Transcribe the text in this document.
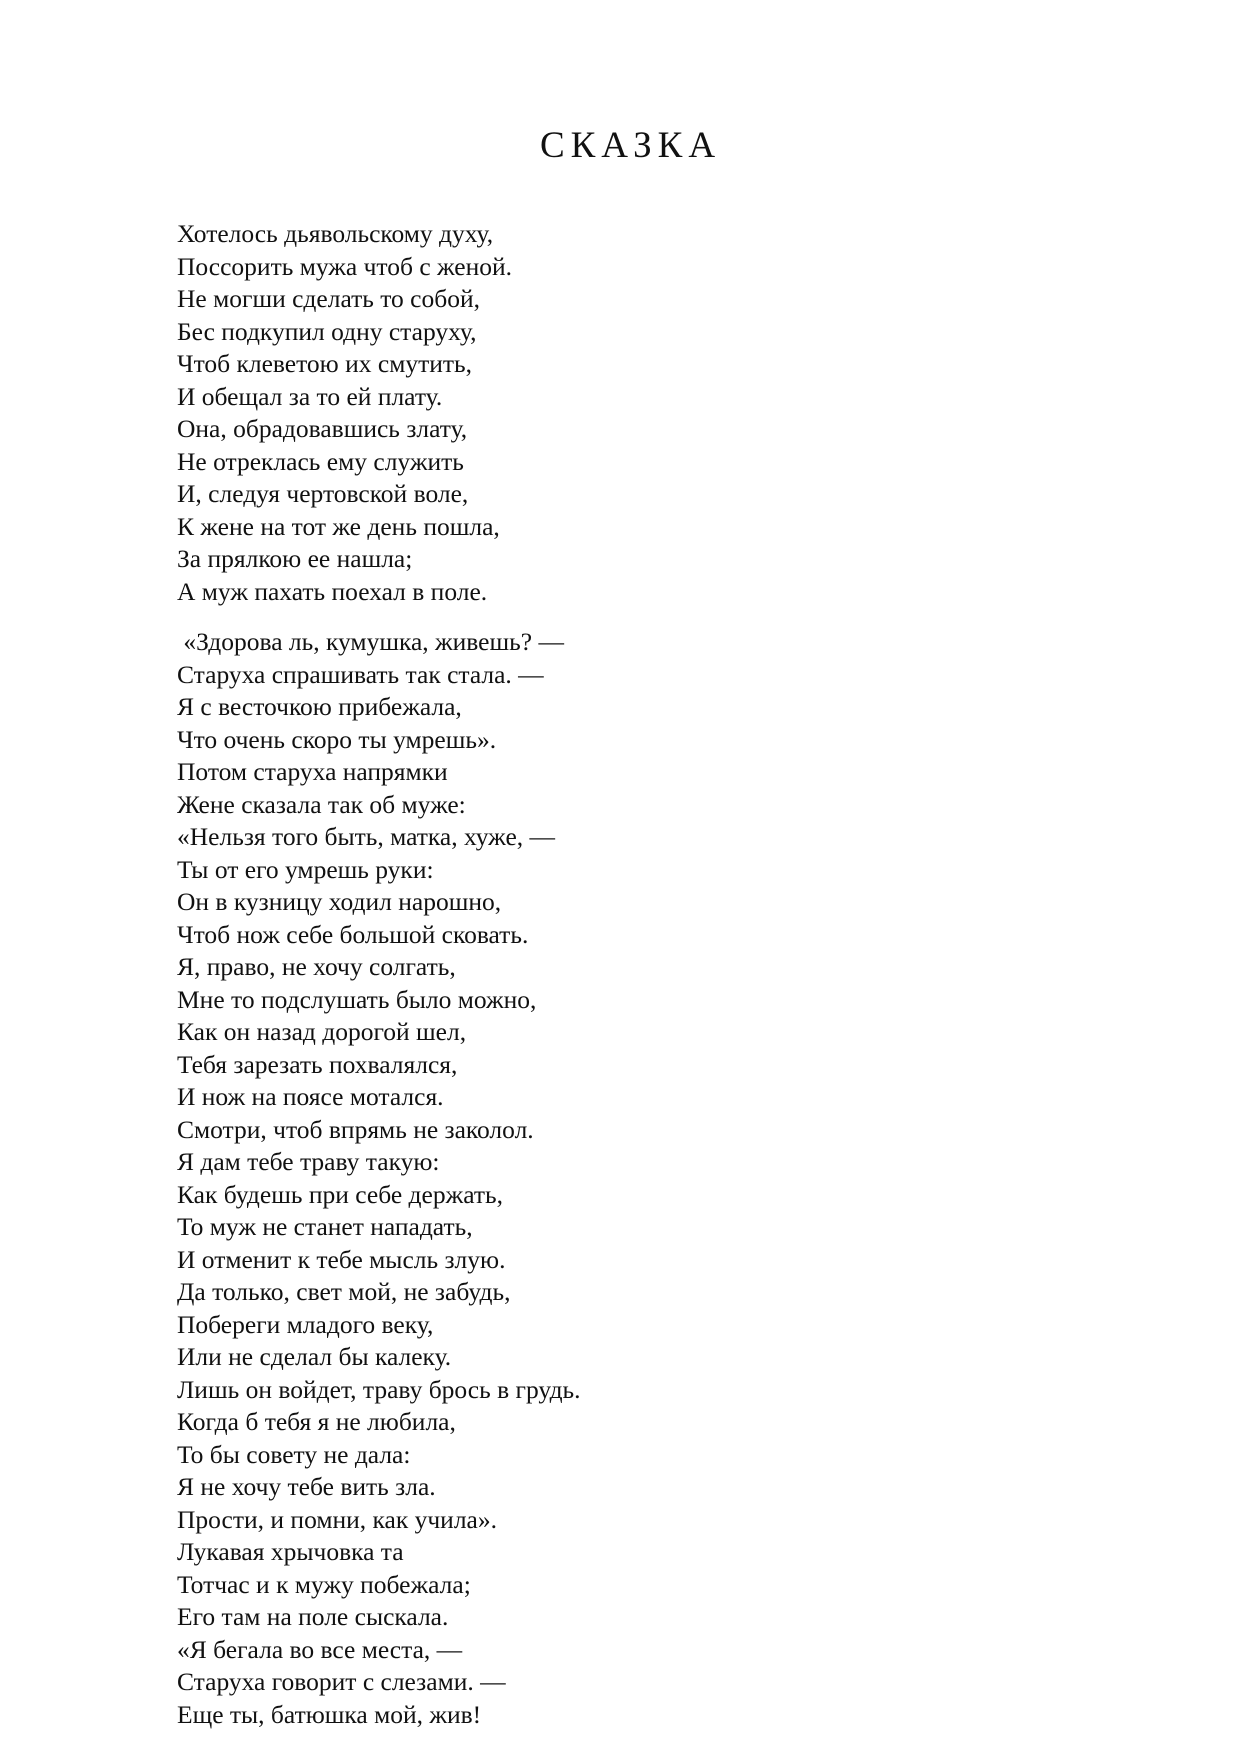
СКАЗКА
Хотелось дьявольскому духу,
Поссорить мужа чтоб с женой.
Не могши сделать то собой,
Бес подкупил одну старуху,
Чтоб клеветою их смутить,
И обещал за то ей плату.
Она, обрадовавшись злату,
Не отреклась ему служить
И, следуя чертовской воле,
К жене на тот же день пошла,
За прялкою ее нашла;
А муж пахать поехал в поле.
«Здорова ль, кумушка, живешь? —
Старуха спрашивать так стала. —
Я с весточкою прибежала,
Что очень скоро ты умрешь».
Потом старуха напрямки
Жене сказала так об муже:
«Нельзя того быть, матка, хуже, —
Ты от его умрешь руки:
Он в кузницу ходил нарошно,
Чтоб нож себе большой сковать.
Я, право, не хочу солгать,
Мне то подслушать было можно,
Как он назад дорогой шел,
Тебя зарезать похвалялся,
И нож на поясе мотался.
Смотри, чтоб впрямь не заколол.
Я дам тебе траву такую:
Как будешь при себе держать,
То муж не станет нападать,
И отменит к тебе мысль злую.
Да только, свет мой, не забудь,
Побереги младого веку,
Или не сделал бы калеку.
Лишь он войдет, траву брось в грудь.
Когда б тебя я не любила,
То бы совету не дала:
Я не хочу тебе вить зла.
Прости, и помни, как учила».
Лукавая хрычовка та
Тотчас и к мужу побежала;
Его там на поле сыскала.
«Я бегала во все места, —
Старуха говорит с слезами. —
Еще ты, батюшка мой, жив!
